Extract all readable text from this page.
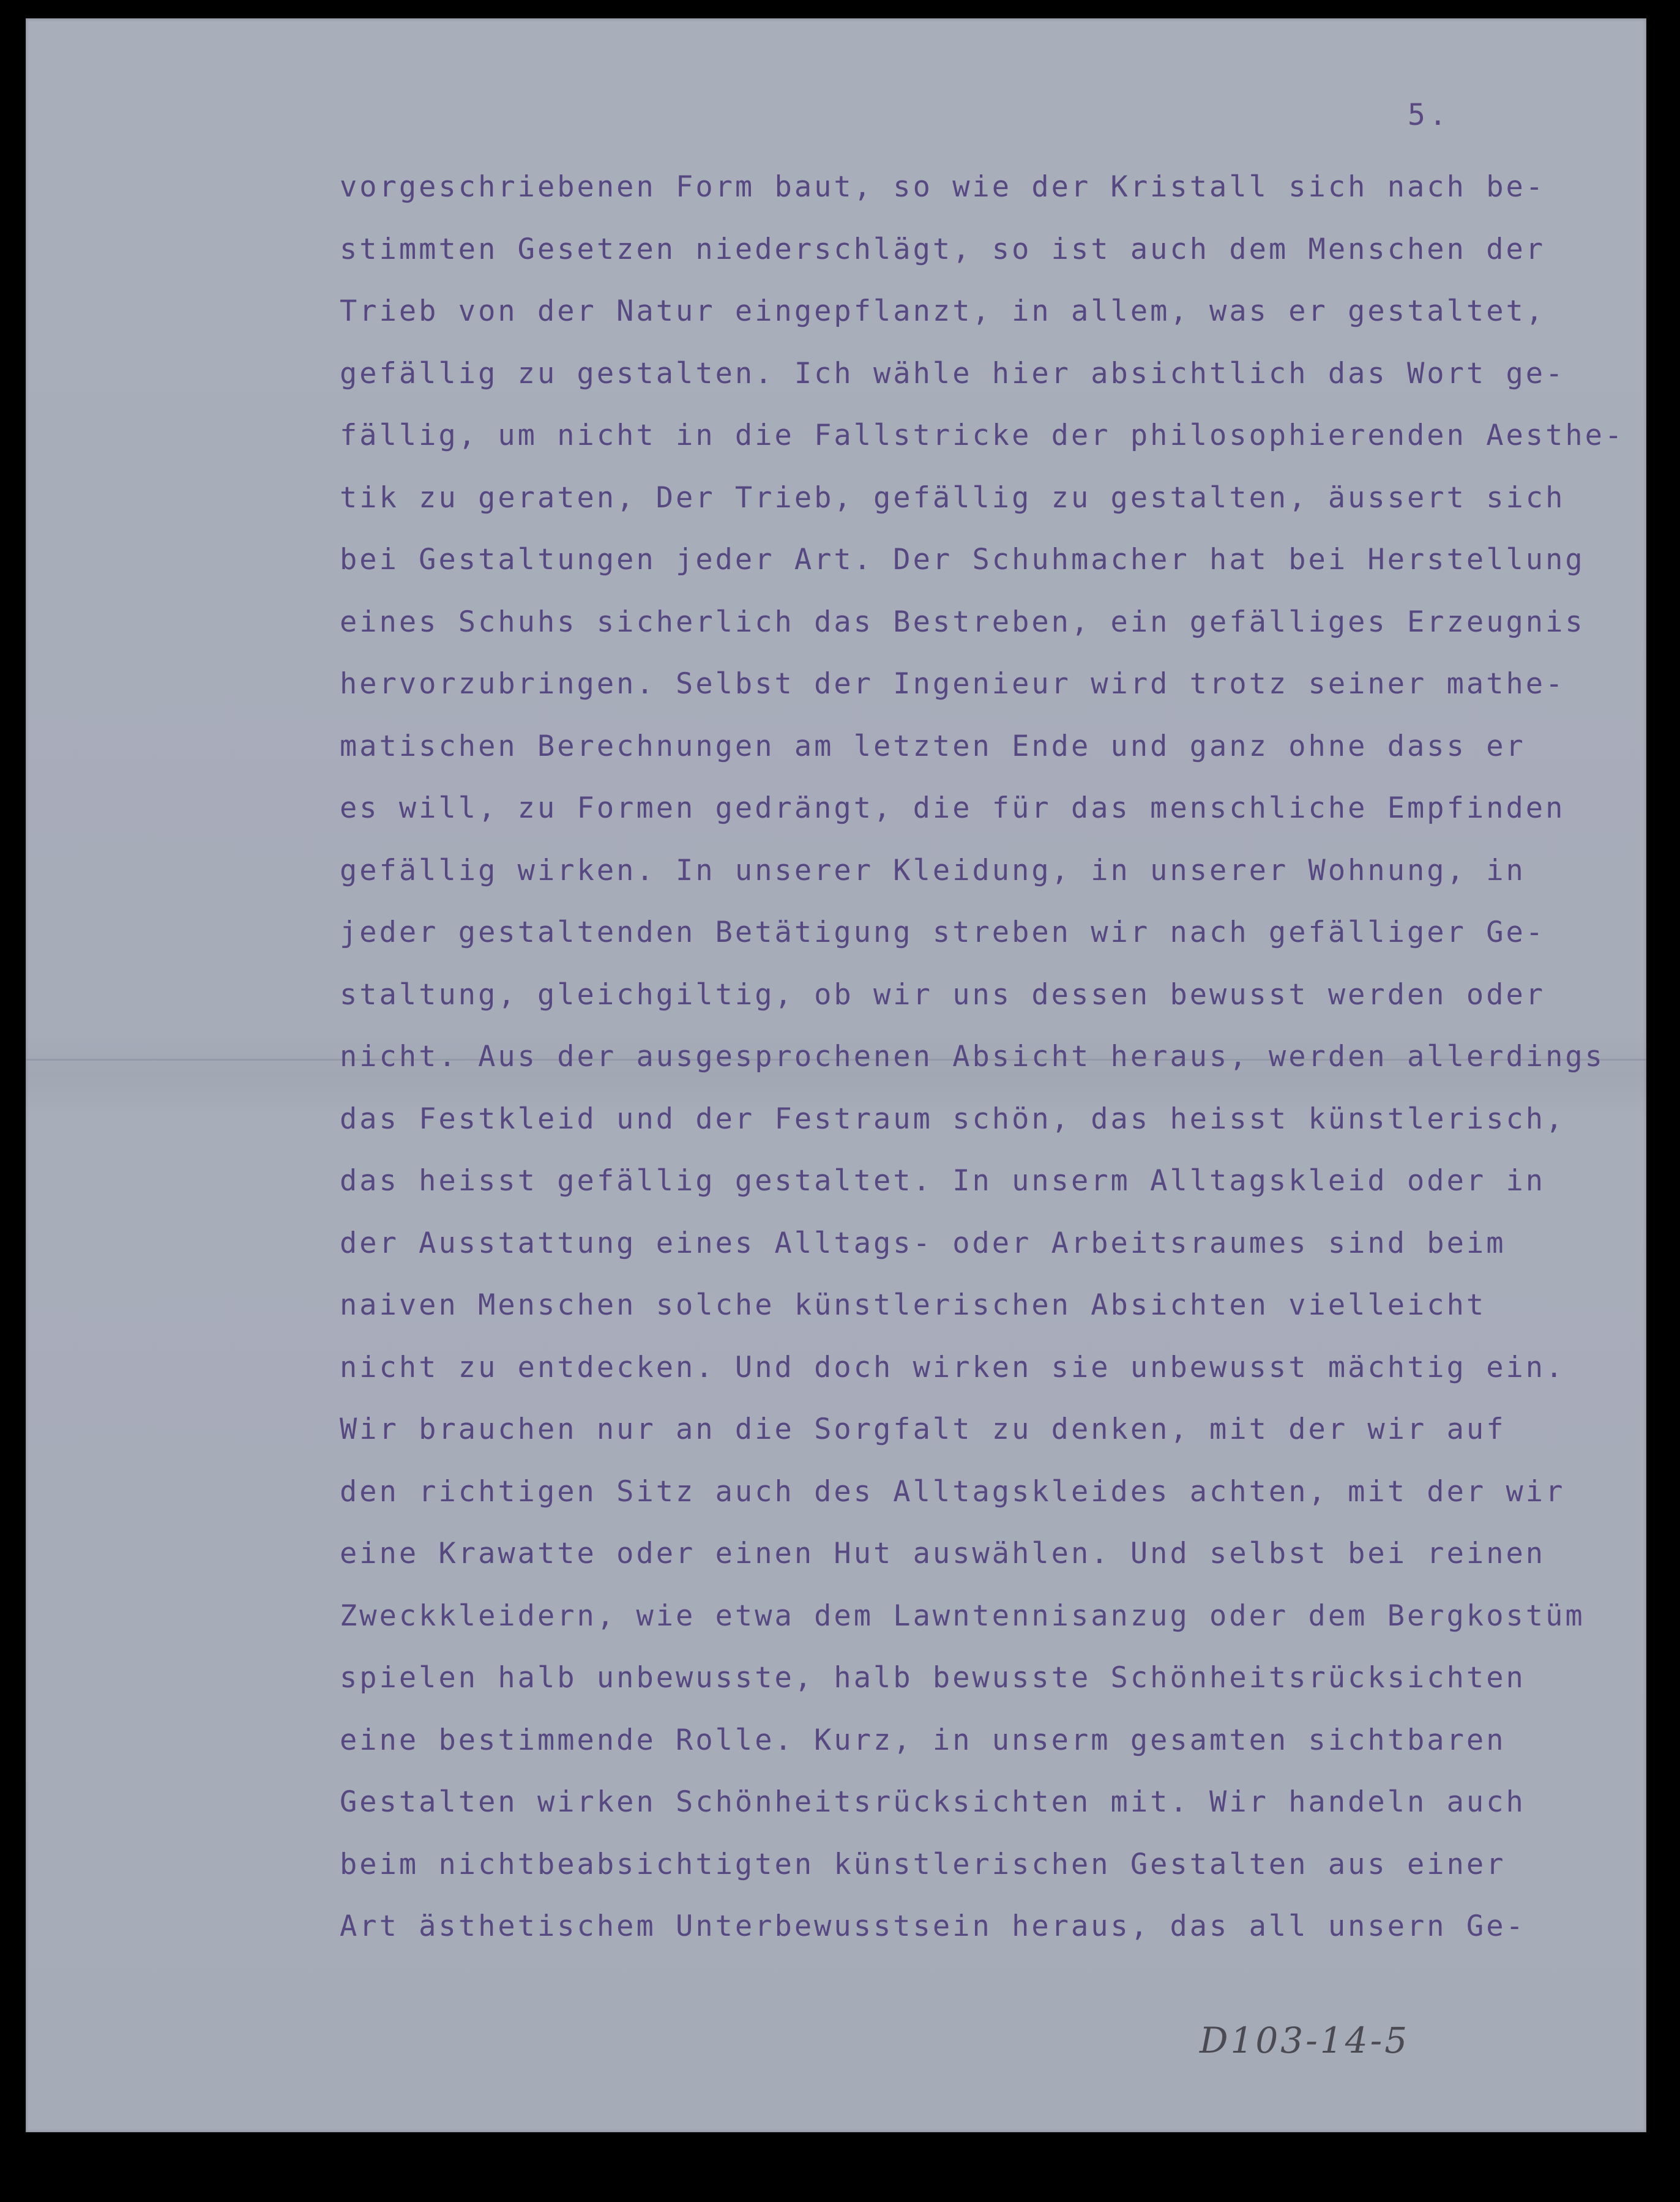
5.
vorgeschriebenen Form baut, so wie der Kristall sich nach be-
stimmten Gesetzen niederschlägt, so ist auch dem Menschen der
Trieb von der Natur eingepflanzt, in allem, was er gestaltet,
gefällig zu gestalten. Ich wähle hier absichtlich das Wort ge-
fällig, um nicht in die Fallstricke der philosophierenden Aesthe-
tik zu geraten, Der Trieb, gefällig zu gestalten, äussert sich
bei Gestaltungen jeder Art. Der Schuhmacher hat bei Herstellung
eines Schuhs sicherlich das Bestreben, ein gefälliges Erzeugnis
hervorzubringen. Selbst der Ingenieur wird trotz seiner mathe-
matischen Berechnungen am letzten Ende und ganz ohne dass er
es will, zu Formen gedrängt, die für das menschliche Empfinden
gefällig wirken. In unserer Kleidung, in unserer Wohnung, in
jeder gestaltenden Betätigung streben wir nach gefälliger Ge-
staltung, gleichgiltig, ob wir uns dessen bewusst werden oder
nicht. Aus der ausgesprochenen Absicht heraus, werden allerdings
das Festkleid und der Festraum schön, das heisst künstlerisch,
das heisst gefällig gestaltet. In unserm Alltagskleid oder in
der Ausstattung eines Alltags- oder Arbeitsraumes sind beim
naiven Menschen solche künstlerischen Absichten vielleicht
nicht zu entdecken. Und doch wirken sie unbewusst mächtig ein.
Wir brauchen nur an die Sorgfalt zu denken, mit der wir auf
den richtigen Sitz auch des Alltagskleides achten, mit der wir
eine Krawatte oder einen Hut auswählen. Und selbst bei reinen
Zweckkleidern, wie etwa dem Lawntennisanzug oder dem Bergkostüm
spielen halb unbewusste, halb bewusste Schönheitsrücksichten
eine bestimmende Rolle. Kurz, in unserm gesamten sichtbaren
Gestalten wirken Schönheitsrücksichten mit. Wir handeln auch
beim nichtbeabsichtigten künstlerischen Gestalten aus einer
Art ästhetischem Unterbewusstsein heraus, das all unsern Ge-
D103-14-5
